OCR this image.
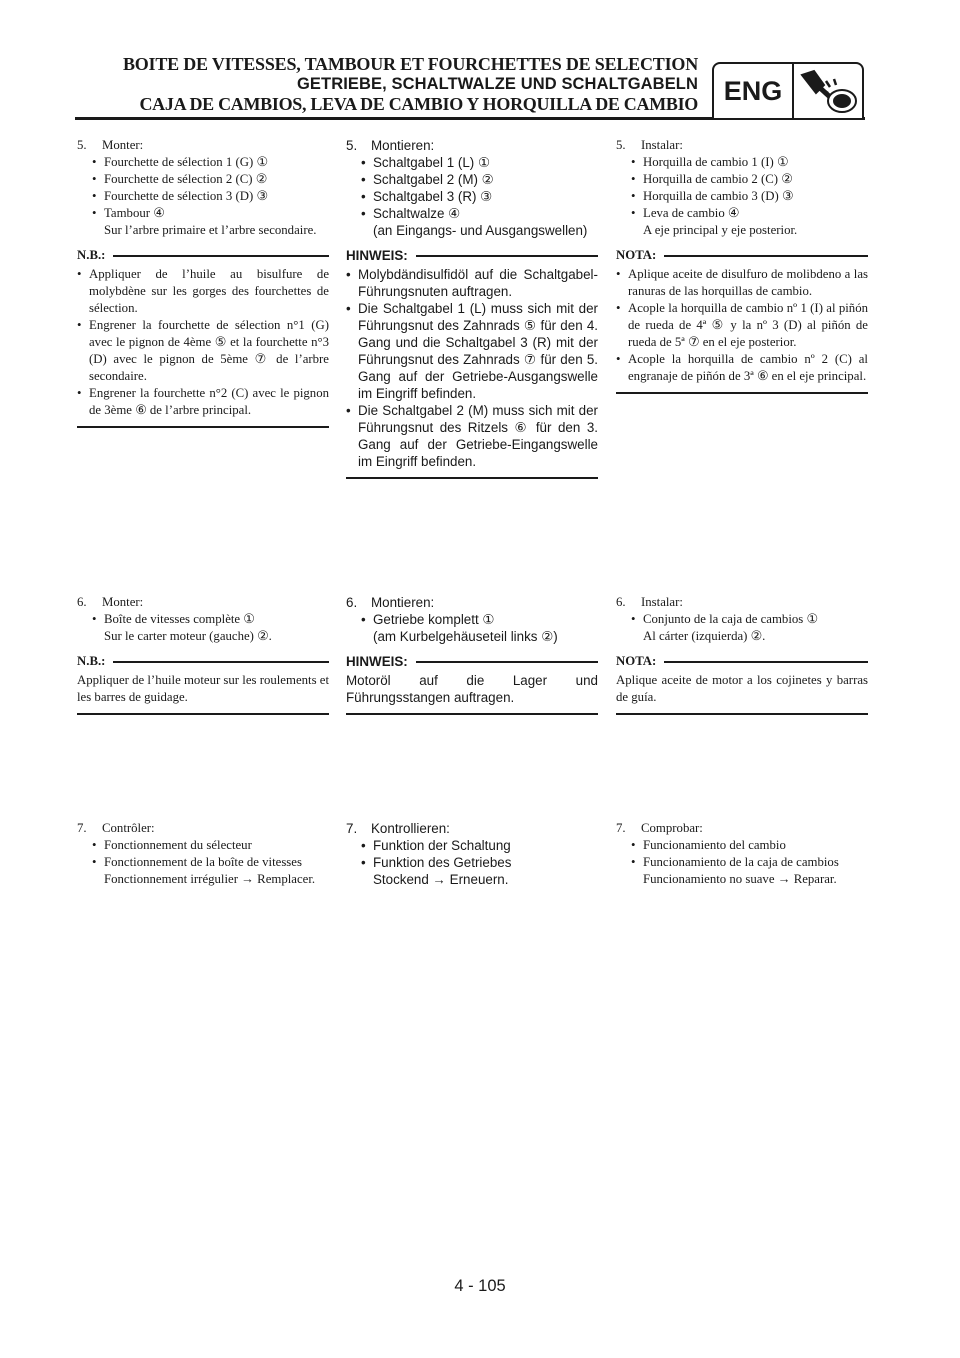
BOITE DE VITESSES, TAMBOUR ET FOURCHETTES DE SELECTION
GETRIEBE, SCHALTWALZE UND SCHALTGABELN
CAJA DE CAMBIOS, LEVA DE CAMBIO Y HORQUILLA DE CAMBIO ENG
5.	Monter:
• Fourchette de sélection 1 (G) ①
• Fourchette de sélection 2 (C) ②
• Fourchette de sélection 3 (D) ③
• Tambour ④
Sur l’arbre primaire et l’arbre secondaire.
N.B.:
• Appliquer de l’huile au bisulfure de molybdène sur les gorges des fourchettes de sélection.
• Engrener la fourchette de sélection n°1 (G) avec le pignon de 4ème ⑤ et la fourchette n°3 (D) avec le pignon de 5ème ⑦ de l’arbre secondaire.
• Engrener la fourchette n°2 (C) avec le pignon de 3ème ⑥ de l’arbre principal.
6.	Monter:
• Boîte de vitesses complète ①
Sur le carter moteur (gauche) ②.
N.B.:
Appliquer de l’huile moteur sur les roulements et les barres de guidage.
7.	Contrôler:
• Fonctionnement du sélecteur
• Fonctionnement de la boîte de vitesses
Fonctionnement irrégulier → Remplacer.
5.	Montieren:
• Schaltgabel 1 (L) ①
• Schaltgabel 2 (M) ②
• Schaltgabel 3 (R) ③
• Schaltwalze ④
(an Eingangs- und Ausgangswellen)
HINWEIS:
• Molybdändisulfidöl auf die Schaltgabel-Führungsnuten auftragen.
• Die Schaltgabel 1 (L) muss sich mit der Führungsnut des Zahnrads ⑤ für den 4. Gang und die Schaltgabel 3 (R) mit der Führungsnut des Zahnrads ⑦ für den 5. Gang auf der Getriebe-Ausgangswelle im Eingriff befinden.
• Die Schaltgabel 2 (M) muss sich mit der Führungsnut des Ritzels ⑥ für den 3. Gang auf der Getriebe-Eingangswelle im Eingriff befinden.
6.	Montieren:
• Getriebe komplett ①
(am Kurbelgehäuseteil links ②)
HINWEIS:
Motoröl auf die Lager und Führungsstangen auftragen.
7.	Kontrollieren:
• Funktion der Schaltung
• Funktion des Getriebes
Stockend → Erneuern.
5.	Instalar:
• Horquilla de cambio 1 (I) ①
• Horquilla de cambio 2 (C) ②
• Horquilla de cambio 3 (D) ③
• Leva de cambio ④
A eje principal y eje posterior.
NOTA:
• Aplique aceite de disulfuro de molibdeno a las ranuras de las horquillas de cambio.
• Acople la horquilla de cambio nº 1 (I) al piñón de rueda de 4ª ⑤ y la nº 3 (D) al piñón de rueda de 5ª ⑦ en el eje posterior.
• Acople la horquilla de cambio nº 2 (C) al engranaje de piñón de 3ª ⑥ en el eje principal.
6.	Instalar:
• Conjunto de la caja de cambios ①
Al cárter (izquierda) ②.
NOTA:
Aplique aceite de motor a los cojinetes y barras de guía.
7.	Comprobar:
• Funcionamiento del cambio
• Funcionamiento de la caja de cambios
Funcionamiento no suave → Reparar.
4 - 105
